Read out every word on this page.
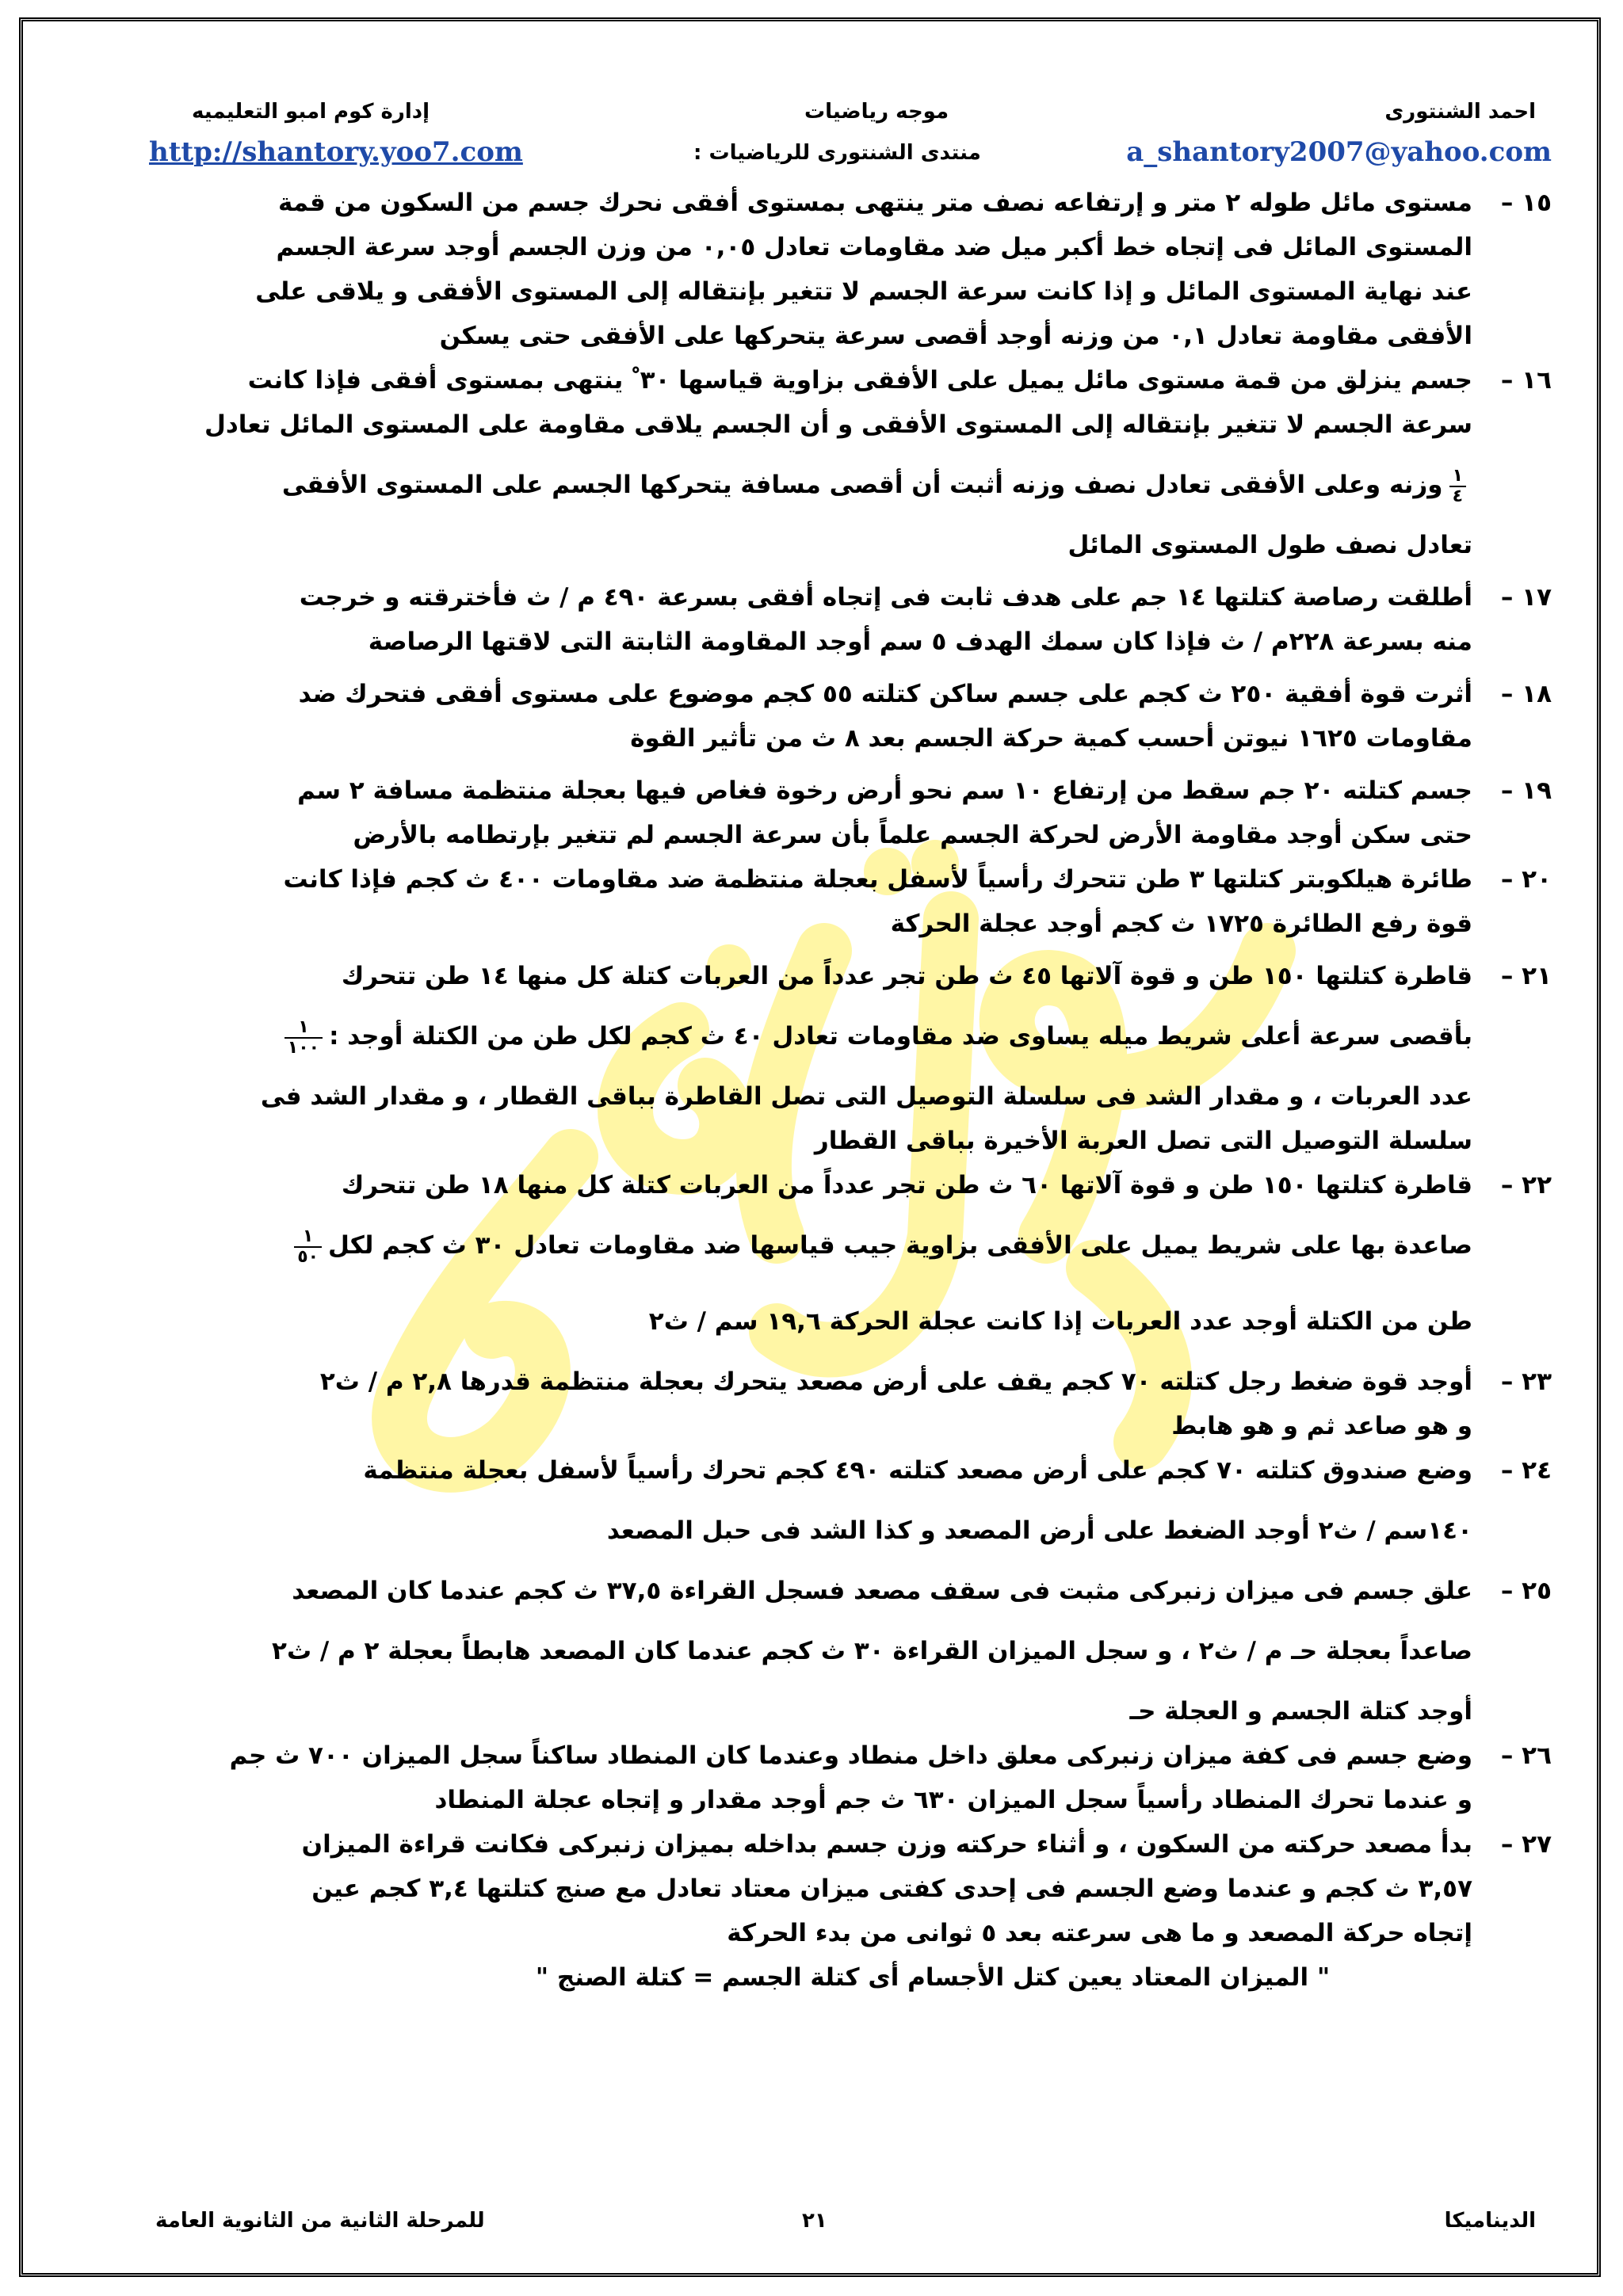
احمد الشنتورى
موجه رياضيات
إدارة كوم امبو التعليميه
a_shantory2007@yahoo.com
منتدى الشنتورى للرياضيات :
http://shantory.yoo7.com
١٥ –
مستوى مائل طوله ٢ متر و إرتفاعه نصف متر ينتهى بمستوى أفقى نحرك جسم من السكون من قمة
المستوى المائل فى إتجاه خط أكبر ميل ضد مقاومات تعادل ٠,٠٥ من وزن الجسم أوجد سرعة الجسم
عند نهاية المستوى المائل و إذا كانت سرعة الجسم لا تتغير بإنتقاله إلى المستوى الأفقى و يلاقى على
الأفقى مقاومة تعادل ٠,١ من وزنه أوجد أقصى سرعة يتحركها على الأفقى حتى يسكن
١٦ –
جسم ينزلق من قمة مستوى مائل يميل على الأفقى بزاوية قياسها ٣٠ ْ ينتهى بمستوى أفقى فإذا كانت
سرعة الجسم لا تتغير بإنتقاله إلى المستوى الأفقى و أن الجسم يلاقى مقاومة على المستوى المائل تعادل
$\frac{١}{٤}$
وزنه وعلى الأفقى تعادل نصف وزنه أثبت أن أقصى مسافة يتحركها الجسم على المستوى الأفقى
تعادل نصف طول المستوى المائل
١٧ –
أطلقت رصاصة كتلتها ١٤ جم على هدف ثابت فى إتجاه أفقى بسرعة ٤٩٠ م / ث فأخترقته و خرجت
منه بسرعة ٢٢٨م / ث فإذا كان سمك الهدف ٥ سم أوجد المقاومة الثابتة التى لاقتها الرصاصة
١٨ –
أثرت قوة أفقية ٢٥٠ ث كجم على جسم ساكن كتلته ٥٥ كجم موضوع على مستوى أفقى فتحرك ضد
مقاومات ١٦٢٥ نيوتن أحسب كمية حركة الجسم بعد ٨ ث من تأثير القوة
١٩ –
جسم كتلته ٢٠ جم سقط من إرتفاع ١٠ سم نحو أرض رخوة فغاص فيها بعجلة منتظمة مسافة ٢ سم
حتى سكن أوجد مقاومة الأرض لحركة الجسم علماً بأن سرعة الجسم لم تتغير بإرتطامه بالأرض
٢٠ –
طائرة هيلكوبتر كتلتها ٣ طن تتحرك رأسياً لأسفل بعجلة منتظمة ضد مقاومات ٤٠٠ ث كجم فإذا كانت
قوة رفع الطائرة ١٧٢٥ ث كجم أوجد عجلة الحركة
٢١ –
قاطرة كتلتها ١٥٠ طن و قوة آلاتها ٤٥ ث طن تجر عدداً من العربات كتلة كل منها ١٤ طن تتحرك
بأقصى سرعة أعلى شريط ميله يساوى ضد مقاومات تعادل ٤٠ ث كجم لكل طن من الكتلة أوجد :
$\frac{١}{١٠٠}$
عدد العربات ، و مقدار الشد فى سلسلة التوصيل التى تصل القاطرة بباقى القطار ، و مقدار الشد فى
سلسلة التوصيل التى تصل العربة الأخيرة بباقى القطار
٢٢ –
قاطرة كتلتها ١٥٠ طن و قوة آلاتها ٦٠ ث طن تجر عدداً من العربات كتلة كل منها ١٨ طن تتحرك
صاعدة بها على شريط يميل على الأفقى بزاوية جيب قياسها ضد مقاومات تعادل ٣٠ ث كجم لكل
$\frac{١}{٥٠}$
طن من الكتلة أوجد عدد العربات إذا كانت عجلة الحركة ١٩,٦ سم / ث٢
٢٣ –
أوجد قوة ضغط رجل كتلته ٧٠ كجم يقف على أرض مصعد يتحرك بعجلة منتظمة قدرها ٢,٨ م / ث٢
و هو صاعد ثم و هو هابط
٢٤ –
وضع صندوق كتلته ٧٠ كجم على أرض مصعد كتلته ٤٩٠ كجم تحرك رأسياً لأسفل بعجلة منتظمة
١٤٠سم / ث٢ أوجد الضغط على أرض المصعد و كذا الشد فى حبل المصعد
٢٥ –
علق جسم فى ميزان زنبركى مثبت فى سقف مصعد فسجل القراءة ٣٧,٥ ث كجم عندما كان المصعد
صاعداً بعجلة حـ م / ث٢ ، و سجل الميزان القراءة ٣٠ ث كجم عندما كان المصعد هابطاً بعجلة ٢ م / ث٢
أوجد كتلة الجسم و العجلة حـ
٢٦ –
وضع جسم فى كفة ميزان زنبركى معلق داخل منطاد وعندما كان المنطاد ساكناً سجل الميزان ٧٠٠ ث جم
و عندما تحرك المنطاد رأسياً سجل الميزان ٦٣٠ ث جم أوجد مقدار و إتجاه عجلة المنطاد
٢٧ –
بدأ مصعد حركته من السكون ، و أثناء حركته وزن جسم بداخله بميزان زنبركى فكانت قراءة الميزان
٣,٥٧ ث كجم و عندما وضع الجسم فى إحدى كفتى ميزان معتاد تعادل مع صنج كتلتها ٣,٤ كجم عين
إتجاه حركة المصعد و ما هى سرعته بعد ٥ ثوانى من بدء الحركة
" الميزان المعتاد يعين كتل الأجسام أى كتلة الجسم = كتلة الصنج "
الديناميكا
٢١
للمرحلة الثانية من الثانوية العامة
